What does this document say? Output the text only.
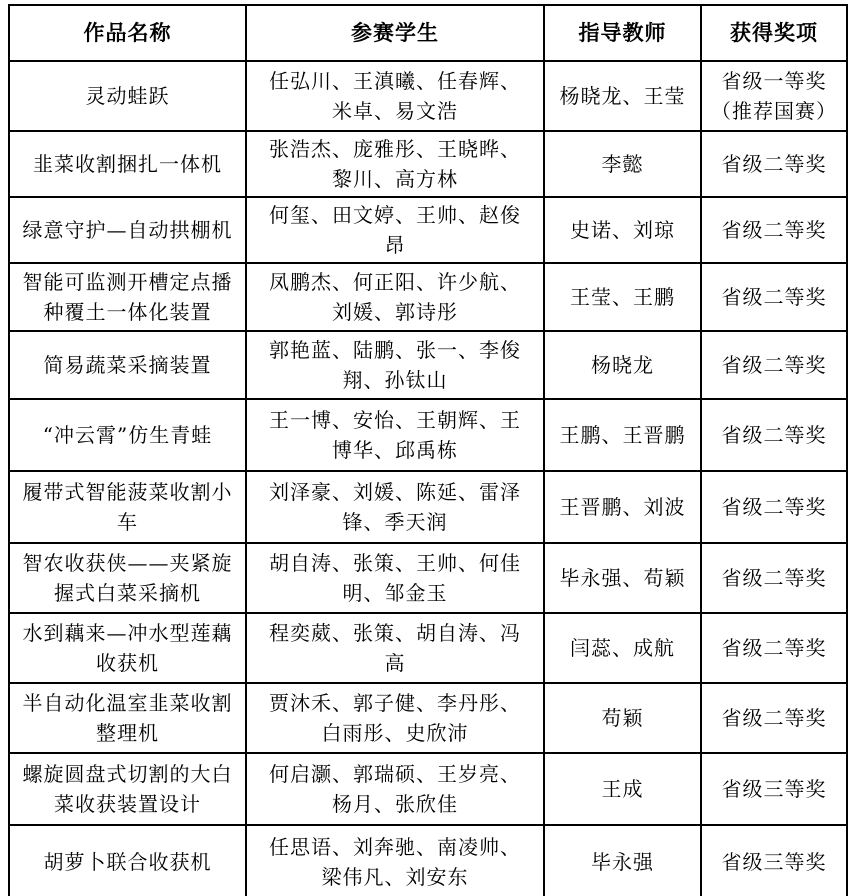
作品名称	参赛学生	指导教师	获得奖项
灵动蛙跃	任弘川、王滇曦、任春辉、米卓、易文浩	杨晓龙、王莹	省级一等奖（推荐国赛）
韭菜收割捆扎一体机	张浩杰、庞雅彤、王晓晔、黎川、高方林	李懿	省级二等奖
绿意守护—自动拱棚机	何玺、田文婷、王帅、赵俊昂	史诺、刘琼	省级二等奖
智能可监测开槽定点播种覆土一体化装置	凤鹏杰、何正阳、许少航、刘媛、郭诗彤	王莹、王鹏	省级二等奖
简易蔬菜采摘装置	郭艳蓝、陆鹏、张一、李俊翔、孙钛山	杨晓龙	省级二等奖
“冲云霄”仿生青蛙	王一博、安怡、王朝辉、王博华、邱禹栋	王鹏、王晋鹏	省级二等奖
履带式智能菠菜收割小车	刘泽豪、刘媛、陈延、雷泽锋、季天润	王晋鹏、刘波	省级二等奖
智农收获侠——夹紧旋握式白菜采摘机	胡自涛、张策、王帅、何佳明、邹金玉	毕永强、苟颖	省级二等奖
水到藕来—冲水型莲藕收获机	程奕葳、张策、胡自涛、冯高	闫蕊、成航	省级二等奖
半自动化温室韭菜收割整理机	贾沐禾、郭子健、李丹彤、白雨彤、史欣沛	苟颖	省级二等奖
螺旋圆盘式切割的大白菜收获装置设计	何启灏、郭瑞硕、王岁亮、杨月、张欣佳	王成	省级三等奖
胡萝卜联合收获机	任思语、刘奔驰、南凌帅、梁伟凡、刘安东	毕永强	省级三等奖
